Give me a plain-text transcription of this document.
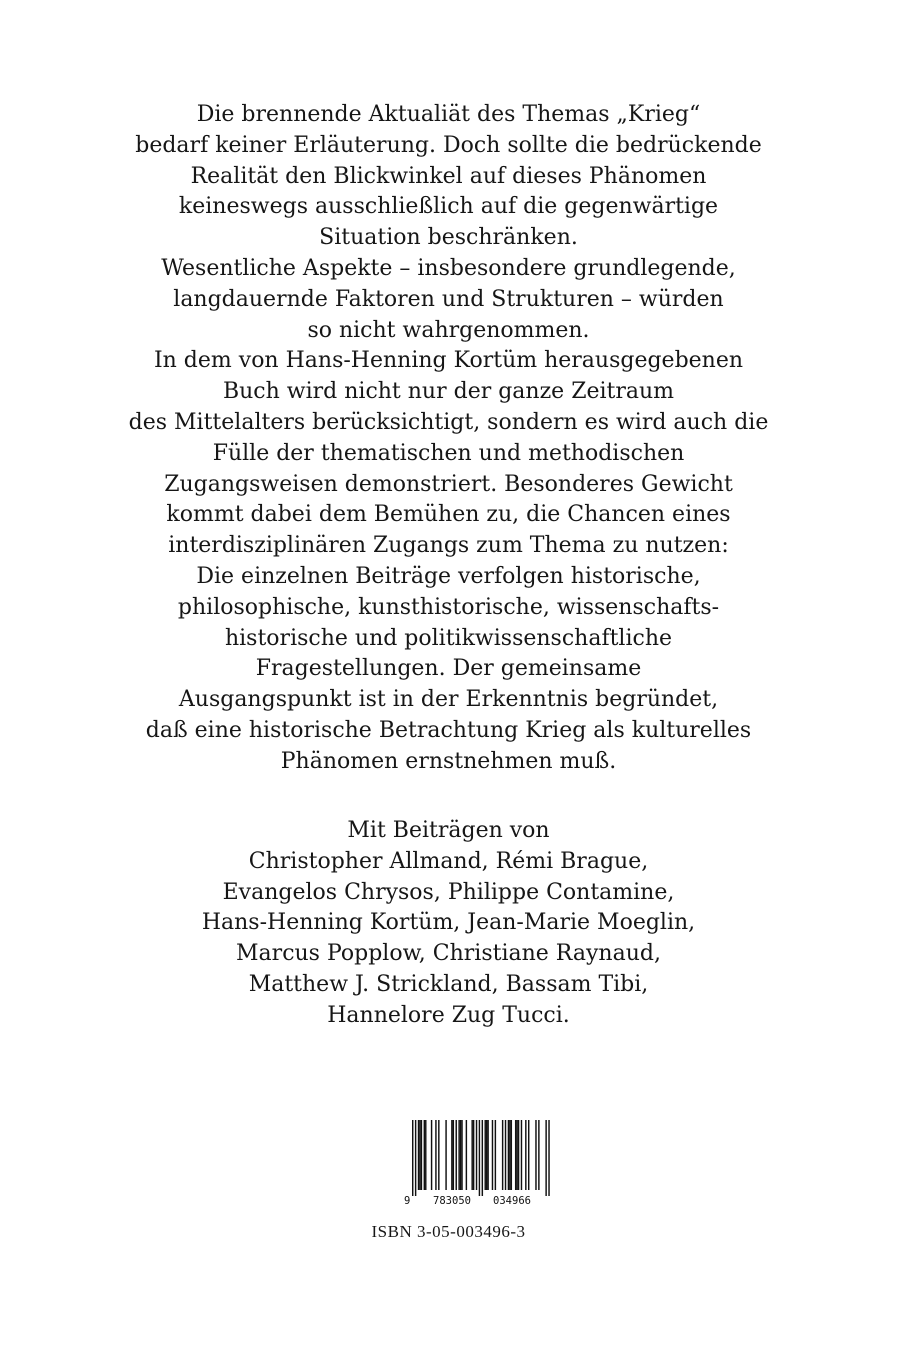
Die brennende Aktualiät des Themas „Krieg“
bedarf keiner Erläuterung. Doch sollte die bedrückende
Realität den Blickwinkel auf dieses Phänomen
keineswegs ausschließlich auf die gegenwärtige
Situation beschränken.
Wesentliche Aspekte – insbesondere grundlegende,
langdauernde Faktoren und Strukturen – würden
so nicht wahrgenommen.
In dem von Hans-Henning Kortüm herausgegebenen
Buch wird nicht nur der ganze Zeitraum
des Mittelalters berücksichtigt, sondern es wird auch die
Fülle der thematischen und methodischen
Zugangsweisen demonstriert. Besonderes Gewicht
kommt dabei dem Bemühen zu, die Chancen eines
interdisziplinären Zugangs zum Thema zu nutzen:
Die einzelnen Beiträge verfolgen historische,
philosophische, kunsthistorische, wissenschafts-
historische und politikwissenschaftliche
Fragestellungen. Der gemeinsame
Ausgangspunkt ist in der Erkenntnis begründet,
daß eine historische Betrachtung Krieg als kulturelles
Phänomen ernstnehmen muß.
Mit Beiträgen von
Christopher Allmand, Rémi Brague,
Evangelos Chrysos, Philippe Contamine,
Hans-Henning Kortüm, Jean-Marie Moeglin,
Marcus Popplow, Christiane Raynaud,
Matthew J. Strickland, Bassam Tibi,
Hannelore Zug Tucci.
9 783050 034966
ISBN 3-05-003496-3
